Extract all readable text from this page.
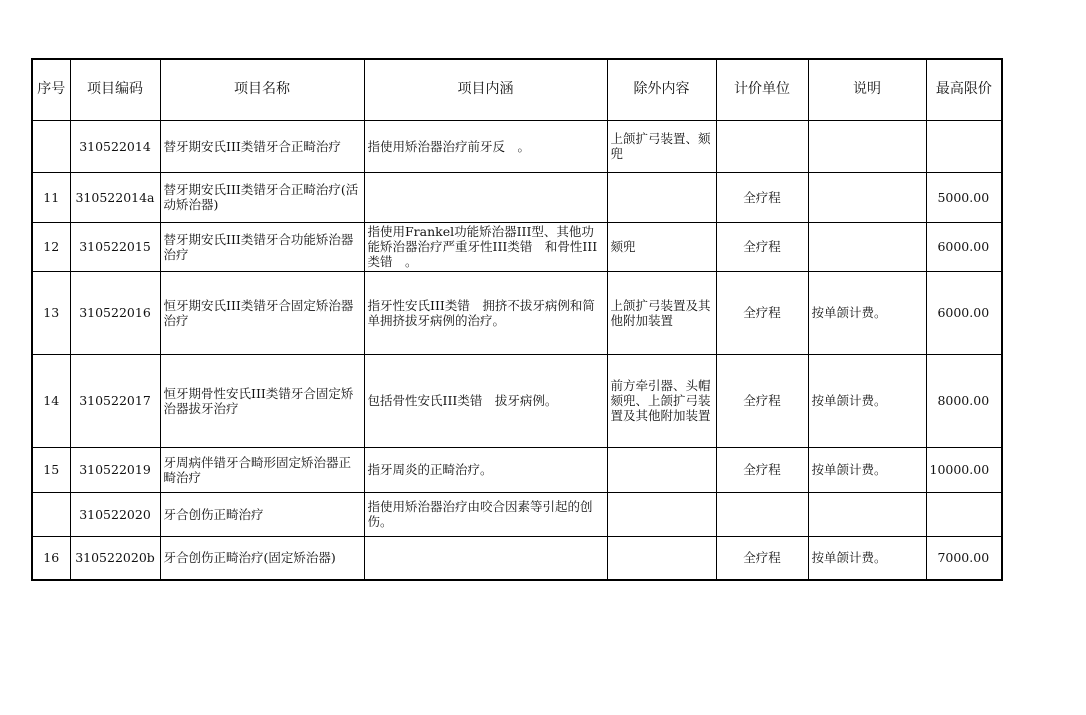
序号	项目编码	项目名称	项目内涵	除外内容	计价单位	说明	最高限价
	310522014	替牙期安氏III类错牙合正畸治疗	指使用矫治器治疗前牙反　。	上颌扩弓装置、颏兜			
11	310522014a	替牙期安氏III类错牙合正畸治疗(活动矫治器)			全疗程		5000.00
12	310522015	替牙期安氏III类错牙合功能矫治器治疗	指使用Frankel功能矫治器III型、其他功能矫治器治疗严重牙性III类错　和骨性III类错　。	颏兜	全疗程		6000.00
13	310522016	恒牙期安氏III类错牙合固定矫治器治疗	指牙性安氏III类错　拥挤不拔牙病例和简单拥挤拔牙病例的治疗。	上颌扩弓装置及其他附加装置	全疗程	按单颌计费。	6000.00
14	310522017	恒牙期骨性安氏III类错牙合固定矫治器拔牙治疗	包括骨性安氏III类错　拔牙病例。	前方牵引器、头帽颏兜、上颌扩弓装置及其他附加装置	全疗程	按单颌计费。	8000.00
15	310522019	牙周病伴错牙合畸形固定矫治器正畸治疗	指牙周炎的正畸治疗。		全疗程	按单颌计费。	10000.00
	310522020	牙合创伤正畸治疗	指使用矫治器治疗由咬合因素等引起的创伤。				
16	310522020b	牙合创伤正畸治疗(固定矫治器)			全疗程	按单颌计费。	7000.00
